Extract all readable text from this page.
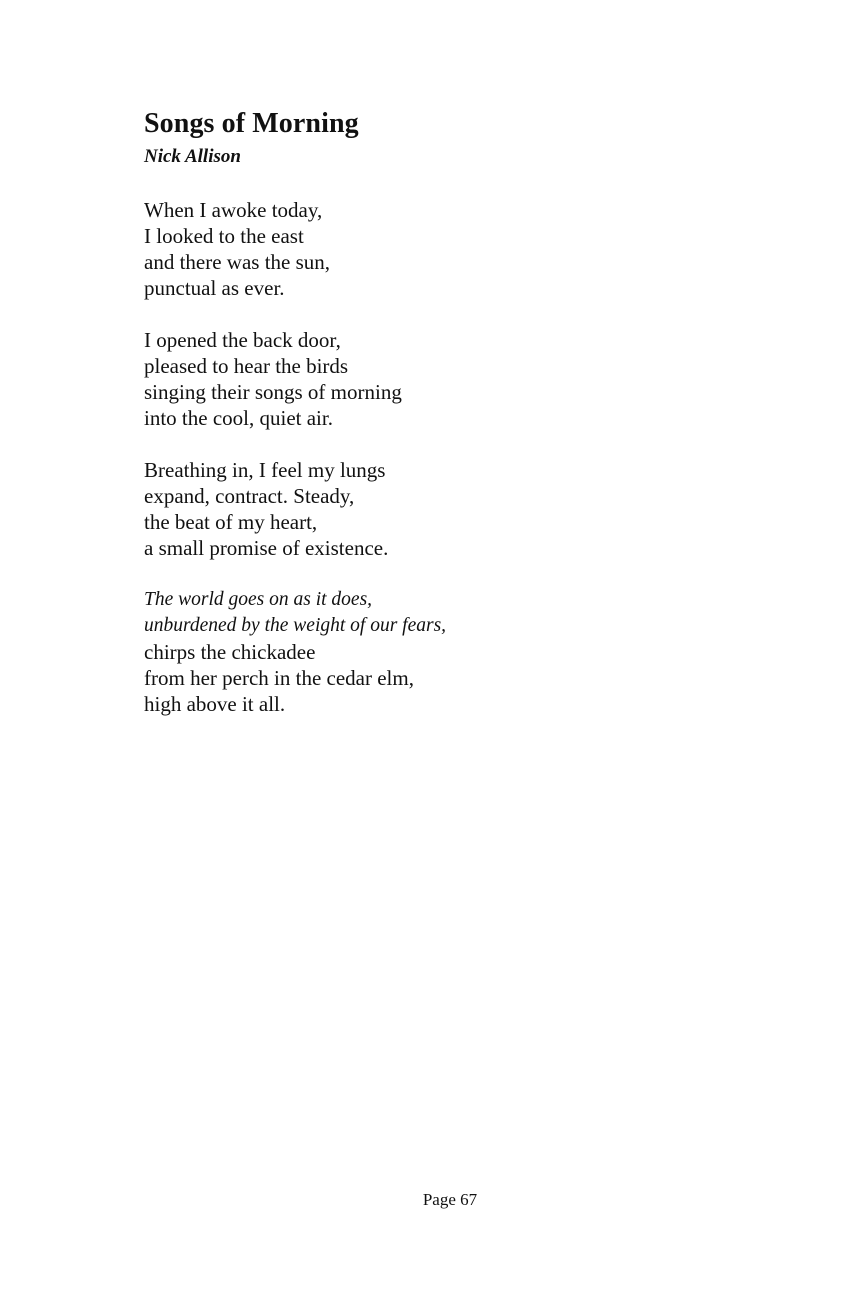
Songs of Morning
Nick Allison
When I awoke today,
I looked to the east
and there was the sun,
punctual as ever.
I opened the back door,
pleased to hear the birds
singing their songs of morning
into the cool, quiet air.
Breathing in, I feel my lungs
expand, contract. Steady,
the beat of my heart,
a small promise of existence.
The world goes on as it does,
unburdened by the weight of our fears,
chirps the chickadee
from her perch in the cedar elm,
high above it all.
Page 67
